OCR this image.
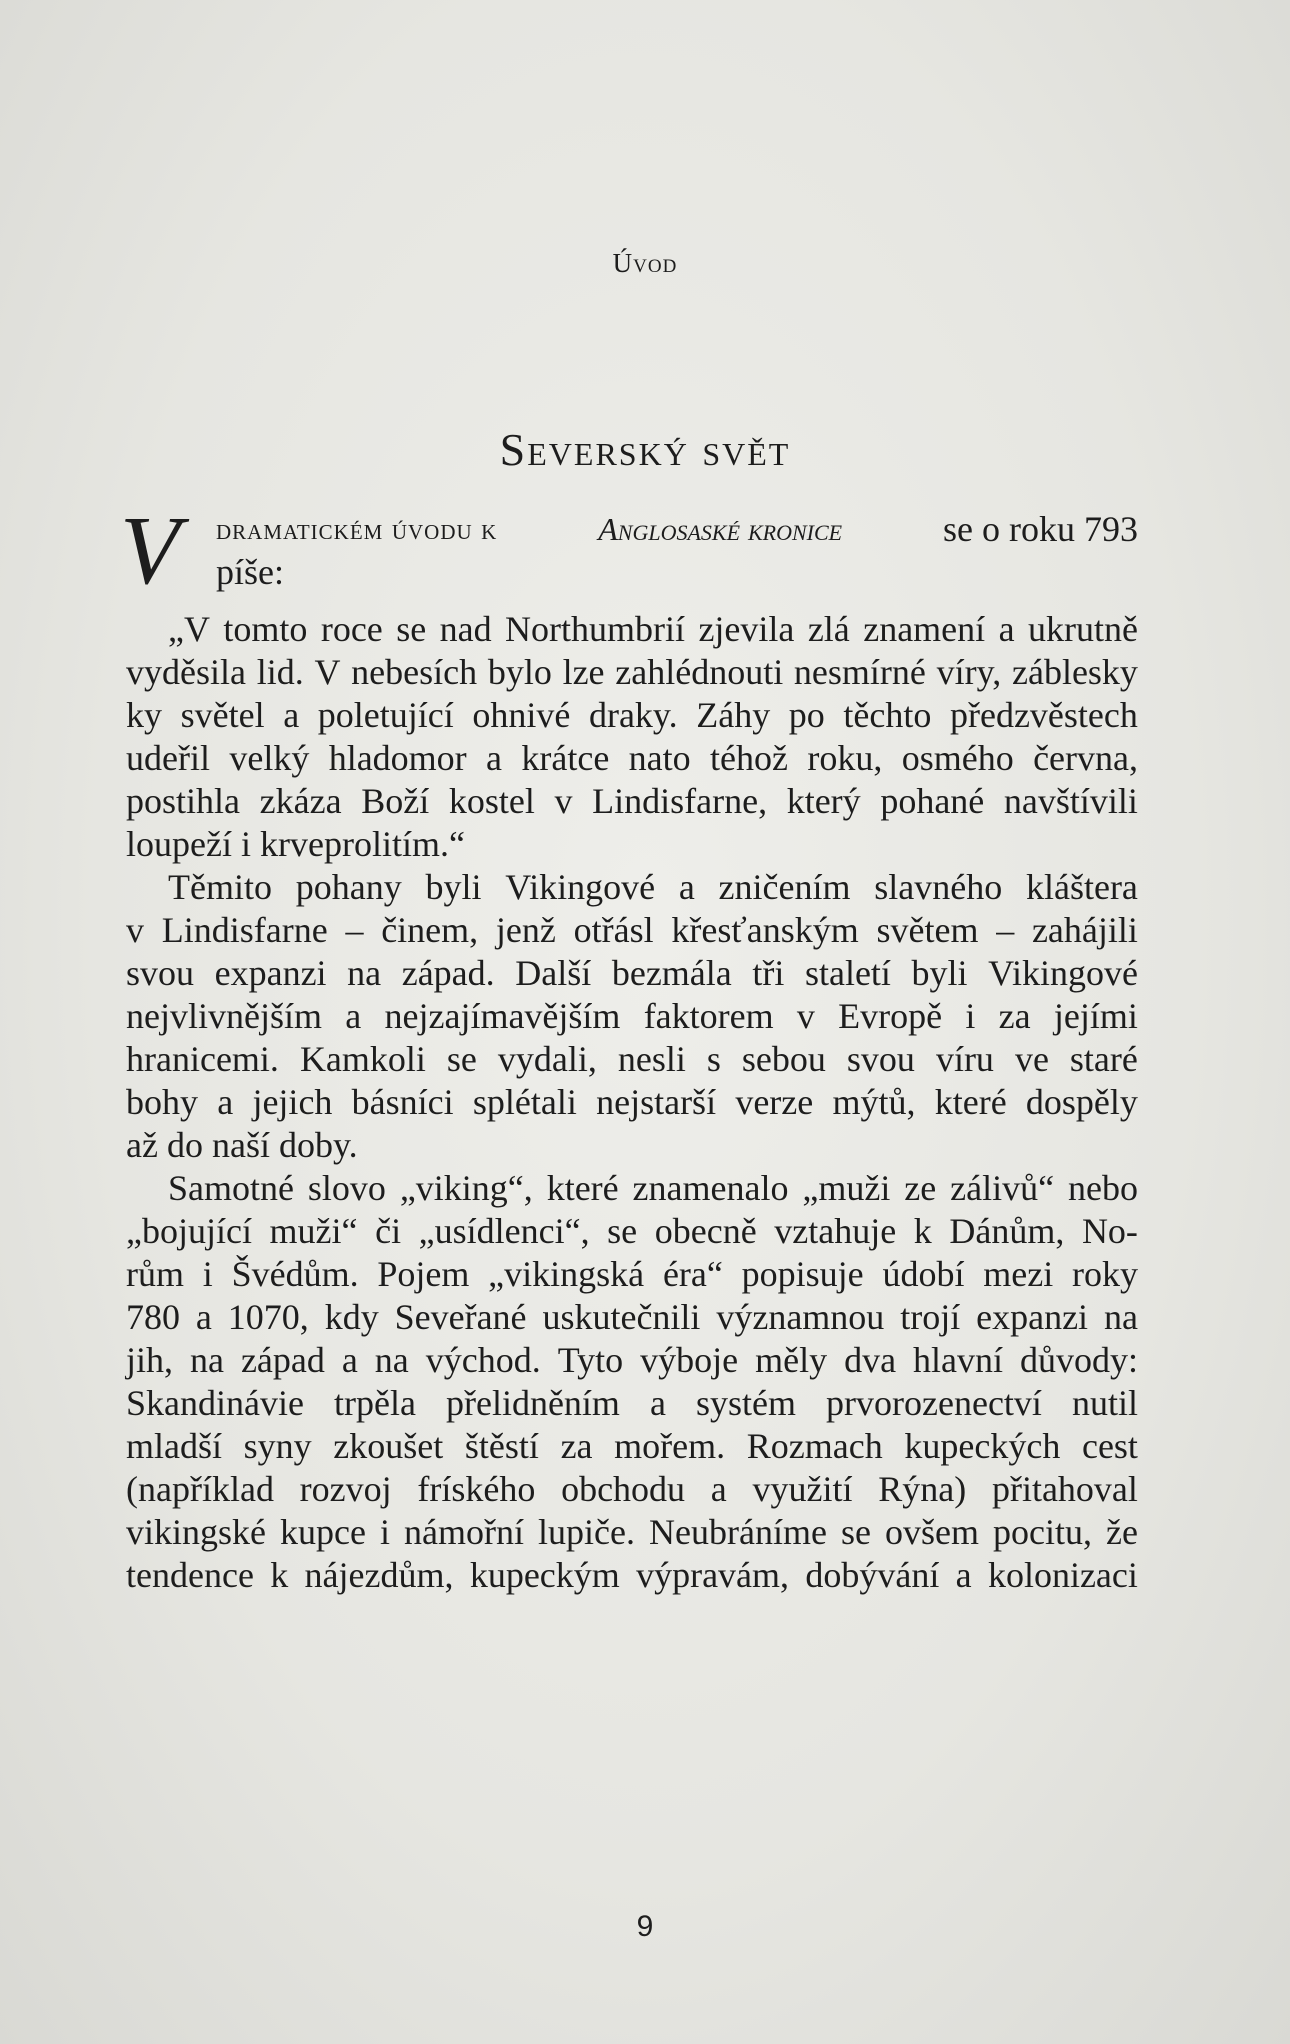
Úvod
Severský svět
V	dramatickém úvodu k	Anglosaské kronice	se o roku 793
píše:
„V tomto roce se nad Northumbrií zjevila zlá znamení a ukrutně
vyděsila lid. V nebesích bylo lze zahlédnouti nesmírné víry, záblesky
ky světel a poletující ohnivé draky. Záhy po těchto předzvěstech
udeřil velký hladomor a krátce nato téhož roku, osmého června,
postihla zkáza Boží kostel v Lindisfarne, který pohané navštívili
loupeží i krveprolitím.“
Těmito pohany byli Vikingové a zničením slavného kláštera
v Lindisfarne – činem, jenž otřásl křesťanským světem – zahájili
svou expanzi na západ. Další bezmála tři staletí byli Vikingové
nejvlivnějším a nejzajímavějším faktorem v Evropě i za jejími
hranicemi. Kamkoli se vydali, nesli s sebou svou víru ve staré
bohy a jejich básníci splétali nejstarší verze mýtů, které dospěly
až do naší doby.
Samotné slovo „viking“, které znamenalo „muži ze zálivů“ nebo
„bojující muži“ či „usídlenci“, se obecně vztahuje k Dánům, No-
rům i Švédům. Pojem „vikingská éra“ popisuje údobí mezi roky
780 a 1070, kdy Seveřané uskutečnili významnou trojí expanzi na
jih, na západ a na východ. Tyto výboje měly dva hlavní důvody:
Skandinávie trpěla přelidněním a systém prvorozenectví nutil
mladší syny zkoušet štěstí za mořem. Rozmach kupeckých cest
(například rozvoj fríského obchodu a využití Rýna) přitahoval
vikingské kupce i námořní lupiče. Neubráníme se ovšem pocitu, že
tendence k nájezdům, kupeckým výpravám, dobývání a kolonizaci
9
